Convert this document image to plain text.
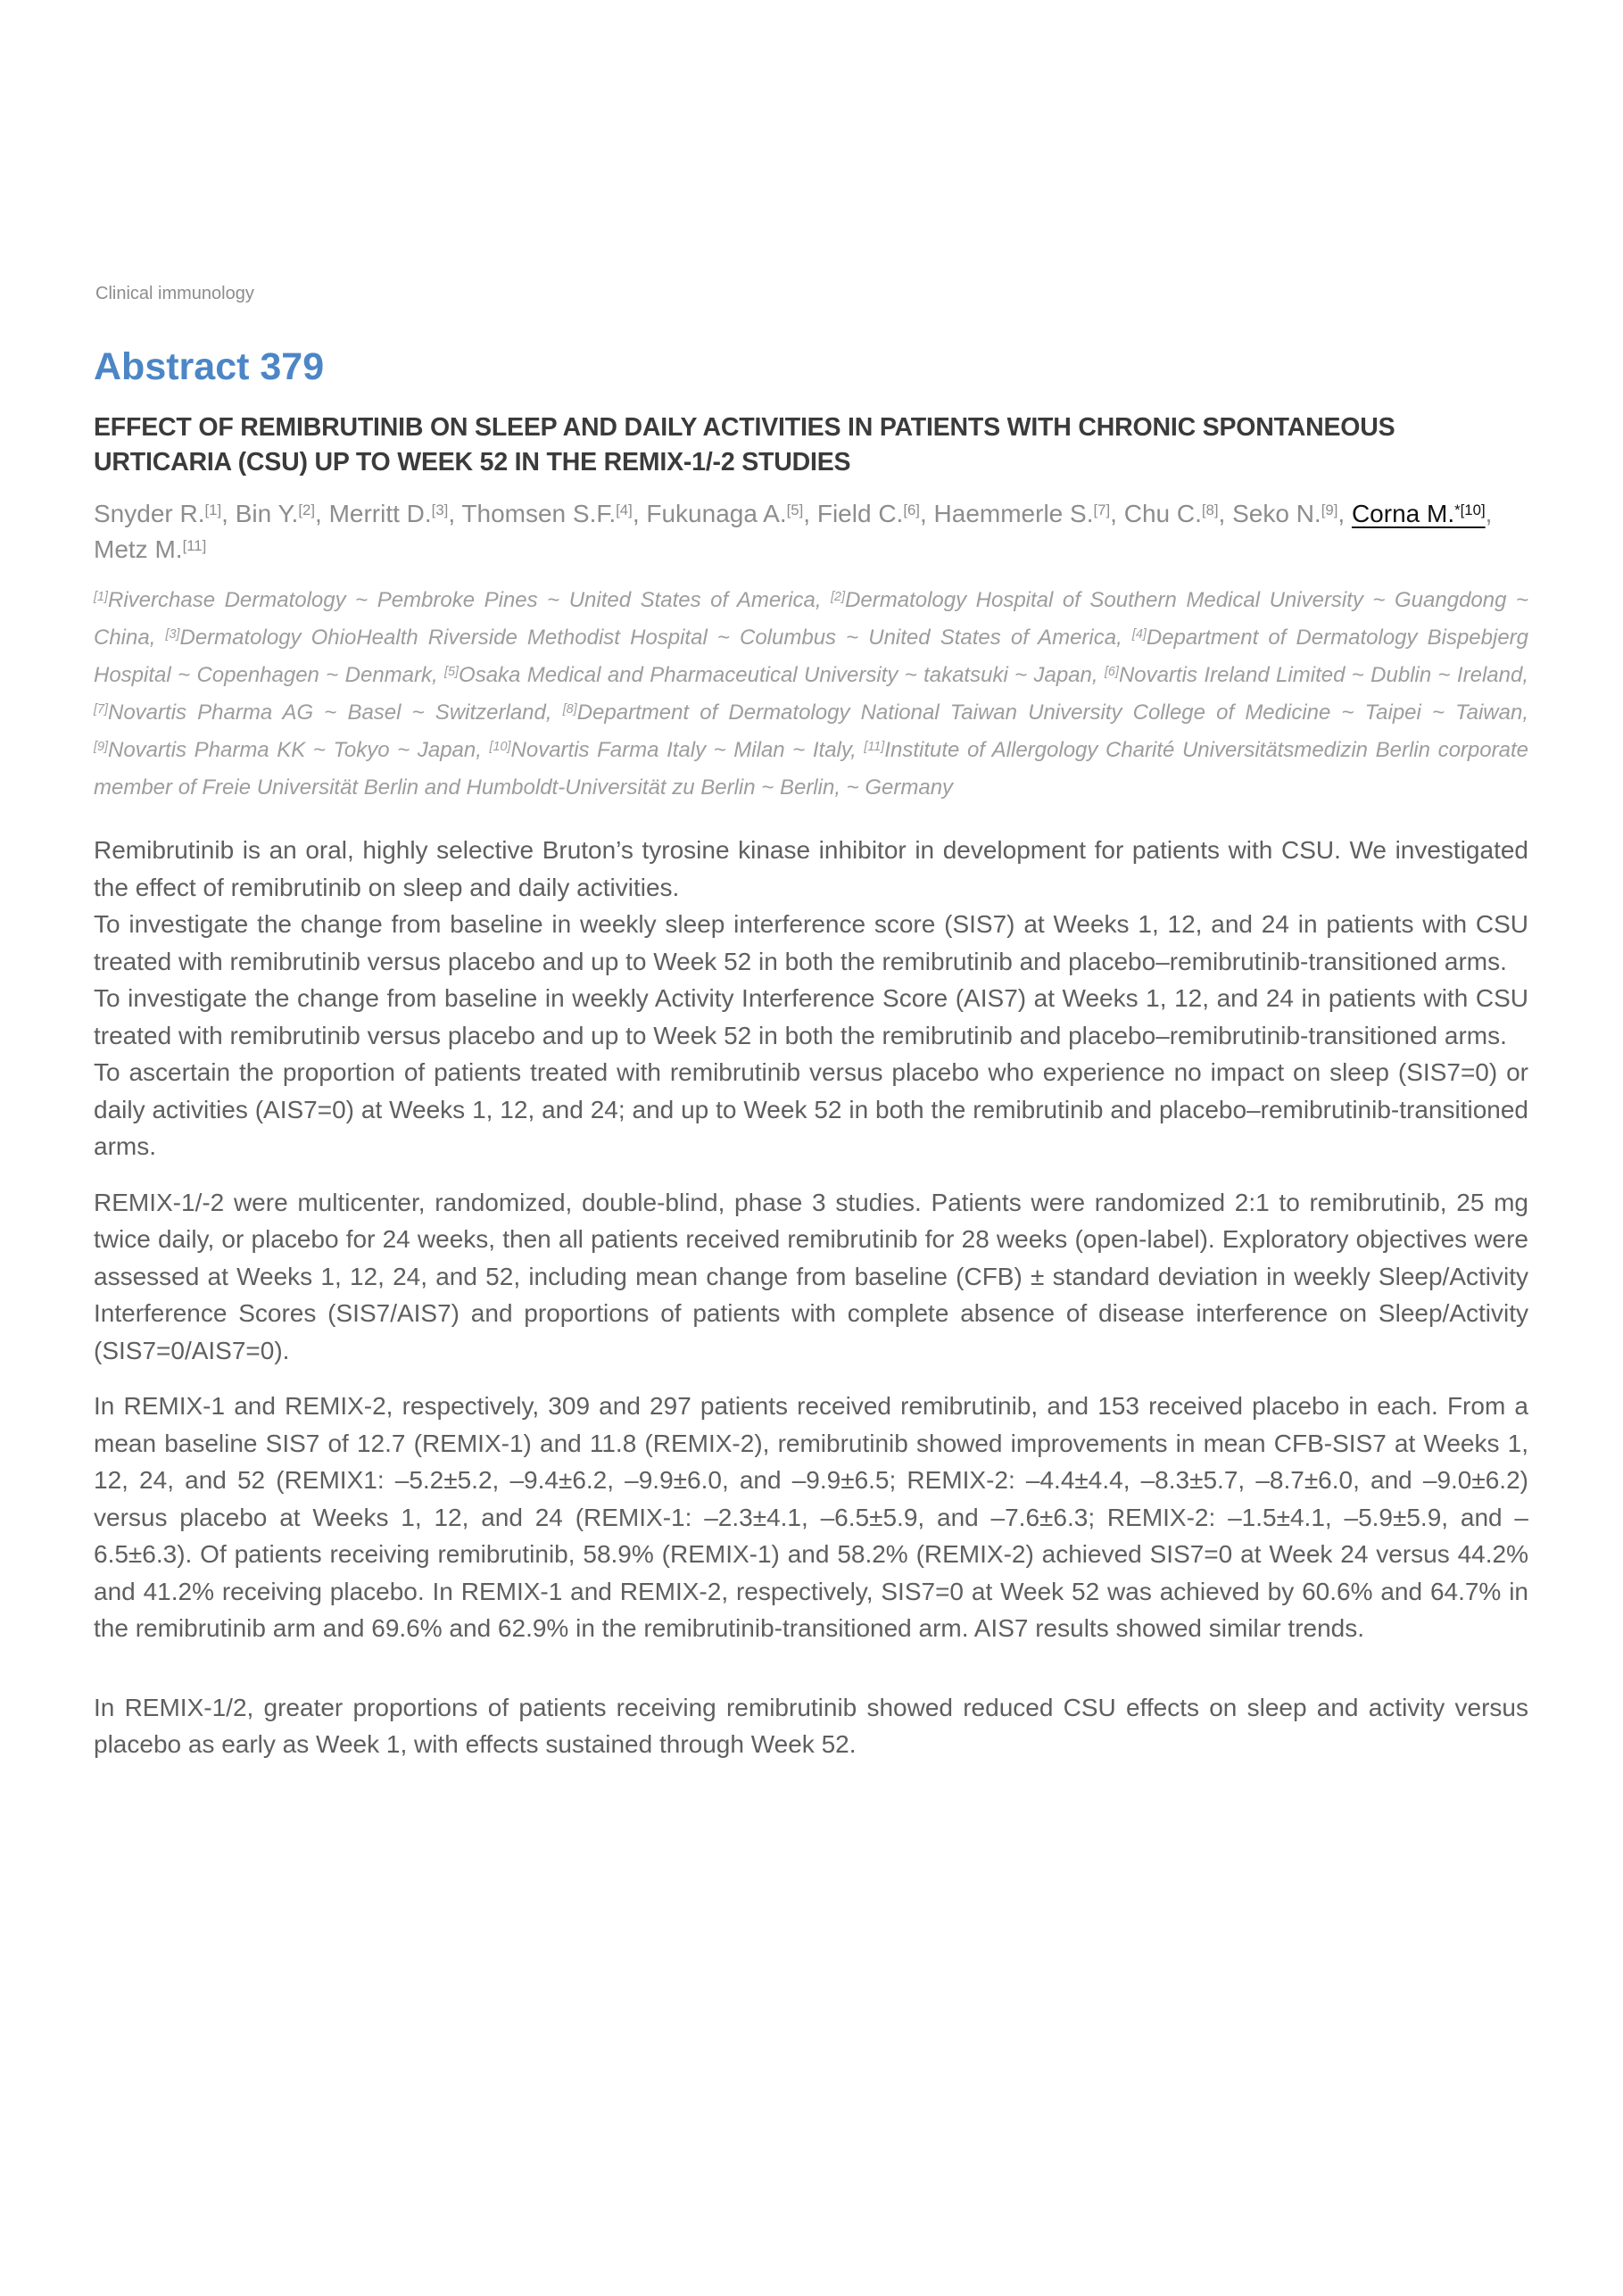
Clinical immunology
Abstract 379
EFFECT OF REMIBRUTINIB ON SLEEP AND DAILY ACTIVITIES IN PATIENTS WITH CHRONIC SPONTANEOUS URTICARIA (CSU) UP TO WEEK 52 IN THE REMIX-1/-2 STUDIES

Snyder R.[1], Bin Y.[2], Merritt D.[3], Thomsen S.F.[4], Fukunaga A.[5], Field C.[6], Haemmerle S.[7], Chu C.[8], Seko N.[9], Corna M.$^{*[10]}$, Metz M.[11]

[1]Riverchase Dermatology ~ Pembroke Pines ~ United States of America, [2]Dermatology Hospital of Southern Medical University ~ Guangdong ~ China, [3]Dermatology OhioHealth Riverside Methodist Hospital ~ Columbus ~ United States of America, [4]Department of Dermatology Bispebjerg Hospital ~ Copenhagen ~ Denmark, [5]Osaka Medical and Pharmaceutical University ~ takatsuki ~ Japan, [6]Novartis Ireland Limited ~ Dublin ~ Ireland, [7]Novartis Pharma AG ~ Basel ~ Switzerland, [8]Department of Dermatology National Taiwan University College of Medicine ~ Taipei ~ Taiwan, [9]Novartis Pharma KK ~ Tokyo ~ Japan, [10]Novartis Farma Italy ~ Milan ~ Italy, [11]Institute of Allergology Charité Universitätsmedizin Berlin corporate member of Freie Universität Berlin and Humboldt-Universität zu Berlin ~ Berlin, ~ Germany

Remibrutinib is an oral, highly selective Bruton’s tyrosine kinase inhibitor in development for patients with CSU. We investigated the effect of remibrutinib on sleep and daily activities.

To investigate the change from baseline in weekly sleep interference score (SIS7) at Weeks 1, 12, and 24 in patients with CSU treated with remibrutinib versus placebo and up to Week 52 in both the remibrutinib and placebo–remibrutinib-transitioned arms.

To investigate the change from baseline in weekly Activity Interference Score (AIS7) at Weeks 1, 12, and 24 in patients with CSU treated with remibrutinib versus placebo and up to Week 52 in both the remibrutinib and placebo–remibrutinib-transitioned arms.

To ascertain the proportion of patients treated with remibrutinib versus placebo who experience no impact on sleep (SIS7=0) or daily activities (AIS7=0) at Weeks 1, 12, and 24; and up to Week 52 in both the remibrutinib and placebo–remibrutinib-transitioned arms.

REMIX-1/-2 were multicenter, randomized, double-blind, phase 3 studies. Patients were randomized 2:1 to remibrutinib, 25 mg twice daily, or placebo for 24 weeks, then all patients received remibrutinib for 28 weeks (open-label). Exploratory objectives were assessed at Weeks 1, 12, 24, and 52, including mean change from baseline (CFB) ± standard deviation in weekly Sleep/Activity Interference Scores (SIS7/AIS7) and proportions of patients with complete absence of disease interference on Sleep/Activity (SIS7=0/AIS7=0).

In REMIX-1 and REMIX-2, respectively, 309 and 297 patients received remibrutinib, and 153 received placebo in each. From a mean baseline SIS7 of 12.7 (REMIX-1) and 11.8 (REMIX-2), remibrutinib showed improvements in mean CFB-SIS7 at Weeks 1, 12, 24, and 52 (REMIX1: –5.2±5.2, –9.4±6.2, –9.9±6.0, and –9.9±6.5; REMIX-2: –4.4±4.4, –8.3±5.7, –8.7±6.0, and –9.0±6.2) versus placebo at Weeks 1, 12, and 24 (REMIX-1: –2.3±4.1, –6.5±5.9, and –7.6±6.3; REMIX-2: –1.5±4.1, –5.9±5.9, and –6.5±6.3). Of patients receiving remibrutinib, 58.9% (REMIX-1) and 58.2% (REMIX-2) achieved SIS7=0 at Week 24 versus 44.2% and 41.2% receiving placebo. In REMIX-1 and REMIX-2, respectively, SIS7=0 at Week 52 was achieved by 60.6% and 64.7% in the remibrutinib arm and 69.6% and 62.9% in the remibrutinib-transitioned arm. AIS7 results showed similar trends.

In REMIX-1/2, greater proportions of patients receiving remibrutinib showed reduced CSU effects on sleep and activity versus placebo as early as Week 1, with effects sustained through Week 52.
